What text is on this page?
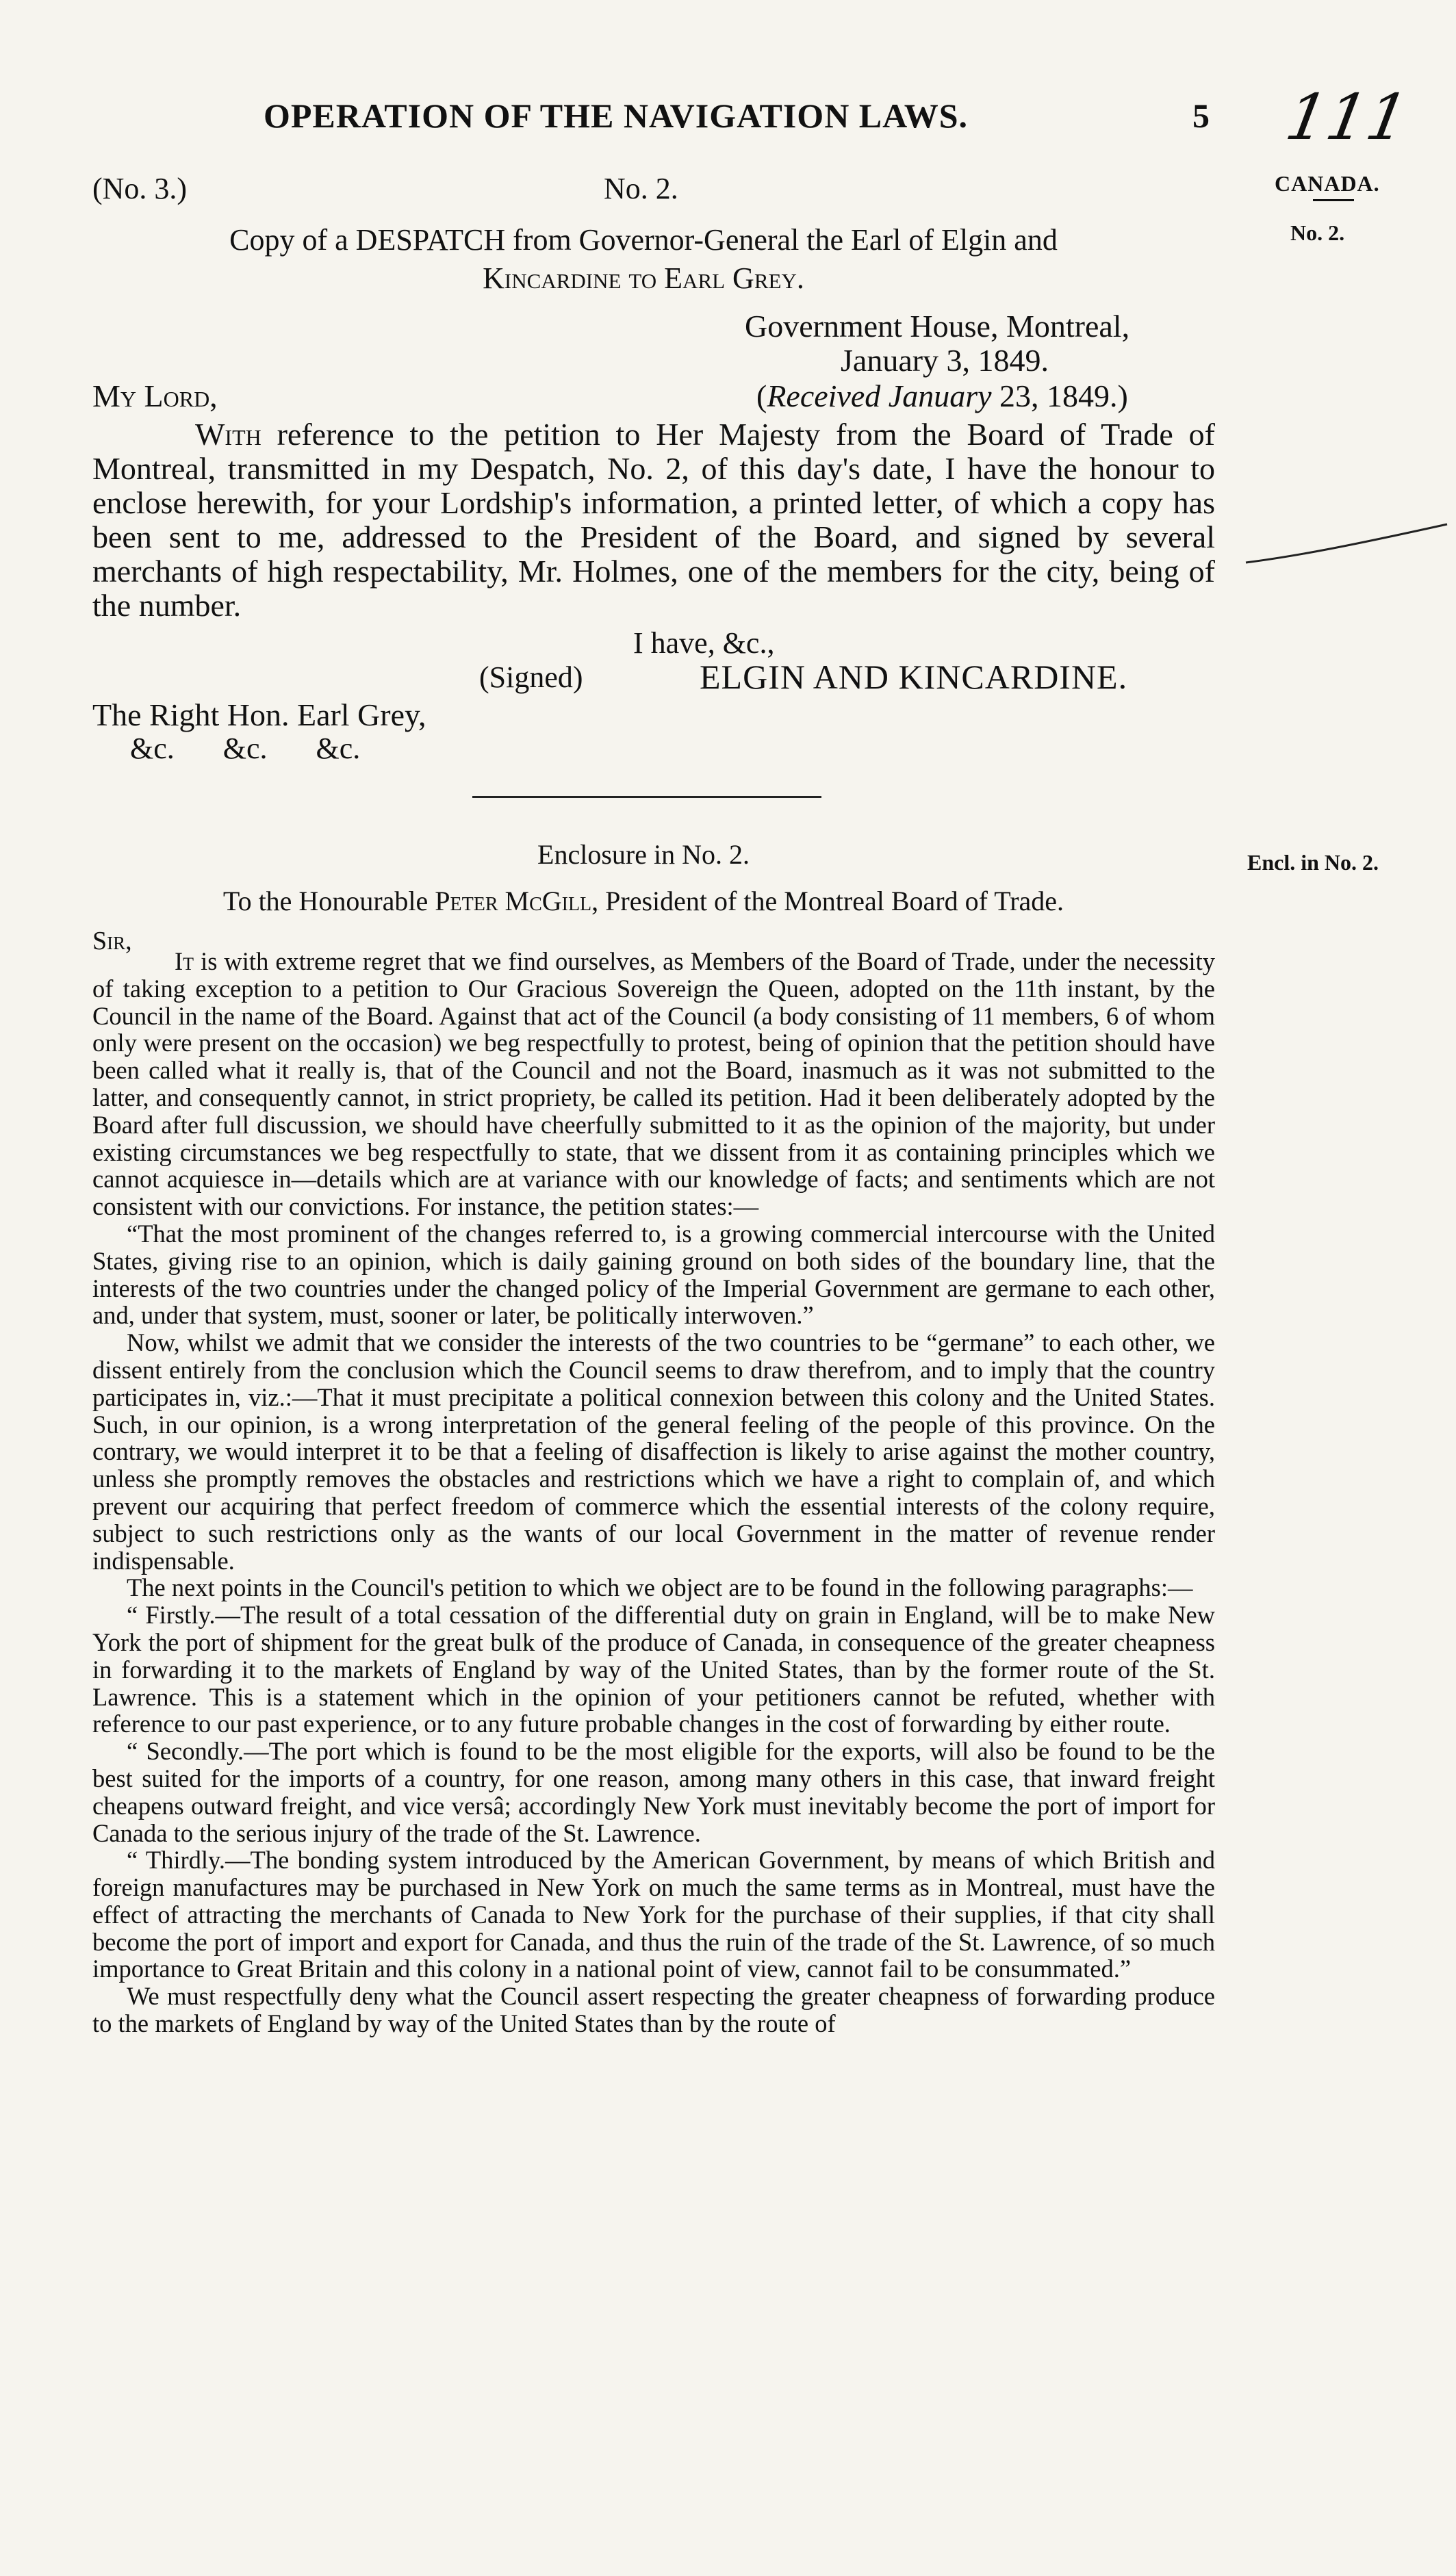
OPERATION OF THE NAVIGATION LAWS.	5 111
(No. 3.)	No. 2.	CANADA.
No. 2.
Copy of a DESPATCH from Governor-General the Earl of Elgin and
Kincardine to Earl Grey.
Government House, Montreal,
January 3, 1849.
(Received January 23, 1849.)
My Lord,

With reference to the petition to Her Majesty from the Board of Trade of Montreal, transmitted in my Despatch, No. 2, of this day's date, I have the honour to enclose herewith, for your Lordship's information, a printed letter, of which a copy has been sent to me, addressed to the President of the Board, and signed by several merchants of high respectability, Mr. Holmes, one of the members for the city, being of the number.

I have, &c.,
(Signed)	ELGIN AND KINCARDINE.
The Right Hon. Earl Grey,
&c. &c. &c.
Enclosure in No. 2.	Encl. in No. 2.
To the Honourable Peter McGill, President of the Montreal Board of Trade.
Sir,

It is with extreme regret that we find ourselves, as Members of the Board of Trade, under the necessity of taking exception to a petition to Our Gracious Sovereign the Queen, adopted on the 11th instant, by the Council in the name of the Board. Against that act of the Council (a body consisting of 11 members, 6 of whom only were present on the occasion) we beg respectfully to protest, being of opinion that the petition should have been called what it really is, that of the Council and not the Board, inasmuch as it was not submitted to the latter, and consequently cannot, in strict propriety, be called its petition. Had it been deliberately adopted by the Board after full discussion, we should have cheerfully submitted to it as the opinion of the majority, but under existing circumstances we beg respectfully to state, that we dissent from it as containing principles which we cannot acquiesce in—details which are at variance with our knowledge of facts; and sentiments which are not consistent with our convictions. For instance, the petition states:—

“That the most prominent of the changes referred to, is a growing commercial intercourse with the United States, giving rise to an opinion, which is daily gaining ground on both sides of the boundary line, that the interests of the two countries under the changed policy of the Imperial Government are germane to each other, and, under that system, must, sooner or later, be politically interwoven.”

Now, whilst we admit that we consider the interests of the two countries to be “germane” to each other, we dissent entirely from the conclusion which the Council seems to draw therefrom, and to imply that the country participates in, viz.:—That it must precipitate a political connexion between this colony and the United States. Such, in our opinion, is a wrong interpretation of the general feeling of the people of this province. On the contrary, we would interpret it to be that a feeling of disaffection is likely to arise against the mother country, unless she promptly removes the obstacles and restrictions which we have a right to complain of, and which prevent our acquiring that perfect freedom of commerce which the essential interests of the colony require, subject to such restrictions only as the wants of our local Government in the matter of revenue render indispensable.

The next points in the Council's petition to which we object are to be found in the following paragraphs:—

“ Firstly.—The result of a total cessation of the differential duty on grain in England, will be to make New York the port of shipment for the great bulk of the produce of Canada, in consequence of the greater cheapness in forwarding it to the markets of England by way of the United States, than by the former route of the St. Lawrence. This is a statement which in the opinion of your petitioners cannot be refuted, whether with reference to our past experience, or to any future probable changes in the cost of forwarding by either route.

“ Secondly.—The port which is found to be the most eligible for the exports, will also be found to be the best suited for the imports of a country, for one reason, among many others in this case, that inward freight cheapens outward freight, and vice versâ; accordingly New York must inevitably become the port of import for Canada to the serious injury of the trade of the St. Lawrence.

“ Thirdly.—The bonding system introduced by the American Government, by means of which British and foreign manufactures may be purchased in New York on much the same terms as in Montreal, must have the effect of attracting the merchants of Canada to New York for the purchase of their supplies, if that city shall become the port of import and export for Canada, and thus the ruin of the trade of the St. Lawrence, of so much importance to Great Britain and this colony in a national point of view, cannot fail to be consummated.”

We must respectfully deny what the Council assert respecting the greater cheapness of forwarding produce to the markets of England by way of the United States than by the route of
